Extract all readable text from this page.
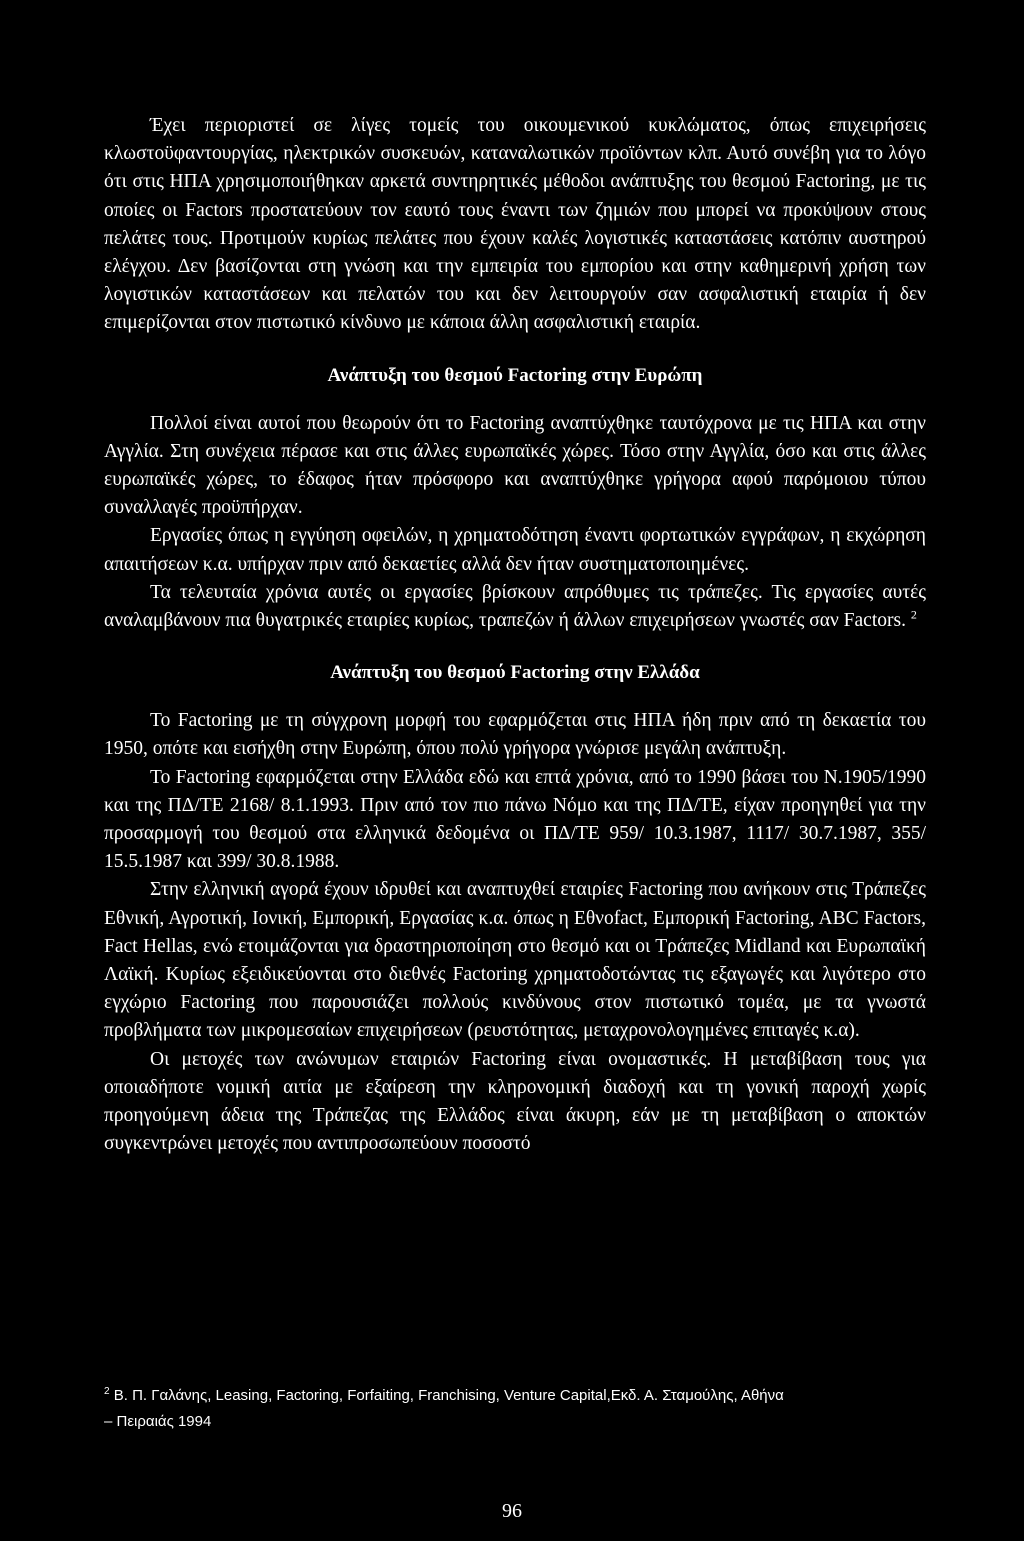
Έχει περιοριστεί σε λίγες τομείς του οικουμενικού κυκλώματος, όπως επιχειρήσεις κλωστοϋφαντουργίας, ηλεκτρικών συσκευών, καταναλωτικών προϊόντων κλπ. Αυτό συνέβη για το λόγο ότι στις ΗΠΑ χρησιμοποιήθηκαν αρκετά συντηρητικές μέθοδοι ανάπτυξης του θεσμού Factoring, με τις οποίες οι Factors προστατεύουν τον εαυτό τους έναντι των ζημιών που μπορεί να προκύψουν στους πελάτες τους. Προτιμούν κυρίως πελάτες που έχουν καλές λογιστικές καταστάσεις κατόπιν αυστηρού ελέγχου. Δεν βασίζονται στη γνώση και την εμπειρία του εμπορίου και στην καθημερινή χρήση των λογιστικών καταστάσεων και πελατών του και δεν λειτουργούν σαν ασφαλιστική εταιρία ή δεν επιμερίζονται στον πιστωτικό κίνδυνο με κάποια άλλη ασφαλιστική εταιρία.

Ανάπτυξη του θεσμού Factoring στην Ευρώπη

Πολλοί είναι αυτοί που θεωρούν ότι το Factoring αναπτύχθηκε ταυτόχρονα με τις ΗΠΑ και στην Αγγλία. Στη συνέχεια πέρασε και στις άλλες ευρωπαϊκές χώρες. Τόσο στην Αγγλία, όσο και στις άλλες ευρωπαϊκές χώρες, το έδαφος ήταν πρόσφορο και αναπτύχθηκε γρήγορα αφού παρόμοιου τύπου συναλλαγές προϋπήρχαν.

Εργασίες όπως η εγγύηση οφειλών, η χρηματοδότηση έναντι φορτωτικών εγγράφων, η εκχώρηση απαιτήσεων κ.α. υπήρχαν πριν από δεκαετίες αλλά δεν ήταν συστηματοποιημένες.

Τα τελευταία χρόνια αυτές οι εργασίες βρίσκουν απρόθυμες τις τράπεζες. Τις εργασίες αυτές αναλαμβάνουν πια θυγατρικές εταιρίες κυρίως, τραπεζών ή άλλων επιχειρήσεων γνωστές σαν Factors. $^2$

Ανάπτυξη του θεσμού Factoring στην Ελλάδα

Το Factoring με τη σύγχρονη μορφή του εφαρμόζεται στις ΗΠΑ ήδη πριν από τη δεκαετία του 1950, οπότε και εισήχθη στην Ευρώπη, όπου πολύ γρήγορα γνώρισε μεγάλη ανάπτυξη.

Το Factoring εφαρμόζεται στην Ελλάδα εδώ και επτά χρόνια, από το 1990 βάσει του Ν.1905/1990 και της ΠΔ/ΤΕ 2168/ 8.1.1993. Πριν από τον πιο πάνω Νόμο και της ΠΔ/ΤΕ, είχαν προηγηθεί για την προσαρμογή του θεσμού στα ελληνικά δεδομένα οι ΠΔ/ΤΕ 959/ 10.3.1987, 1117/ 30.7.1987, 355/ 15.5.1987 και 399/ 30.8.1988.

Στην ελληνική αγορά έχουν ιδρυθεί και αναπτυχθεί εταιρίες Factoring που ανήκουν στις Τράπεζες Εθνική, Αγροτική, Ιονική, Εμπορική, Εργασίας κ.α. όπως η Εθνofact, Εμπορική Factoring, ABC Factors, Fact Hellas, ενώ ετοιμάζονται για δραστηριοποίηση στο θεσμό και οι Τράπεζες Midland και Ευρωπαϊκή Λαϊκή. Κυρίως εξειδικεύονται στο διεθνές Factoring χρηματοδοτώντας τις εξαγωγές και λιγότερο στο εγχώριο Factoring που παρουσιάζει πολλούς κινδύνους στον πιστωτικό τομέα, με τα γνωστά προβλήματα των μικρομεσαίων επιχειρήσεων (ρευστότητας, μεταχρονολογημένες επιταγές κ.α).

Οι μετοχές των ανώνυμων εταιριών Factoring είναι ονομαστικές. Η μεταβίβαση τους για οποιαδήποτε νομική αιτία με εξαίρεση την κληρονομική διαδοχή και τη γονική παροχή χωρίς προηγούμενη άδεια της Τράπεζας της Ελλάδος είναι άκυρη, εάν με τη μεταβίβαση ο αποκτών συγκεντρώνει μετοχές που αντιπροσωπεύουν ποσοστό

$^2$ Β. Π. Γαλάνης, Leasing, Factoring, Forfaiting, Franchising, Venture Capital,Εκδ. Α. Σταμούλης, Αθήνα
– Πειραιάς 1994
96
